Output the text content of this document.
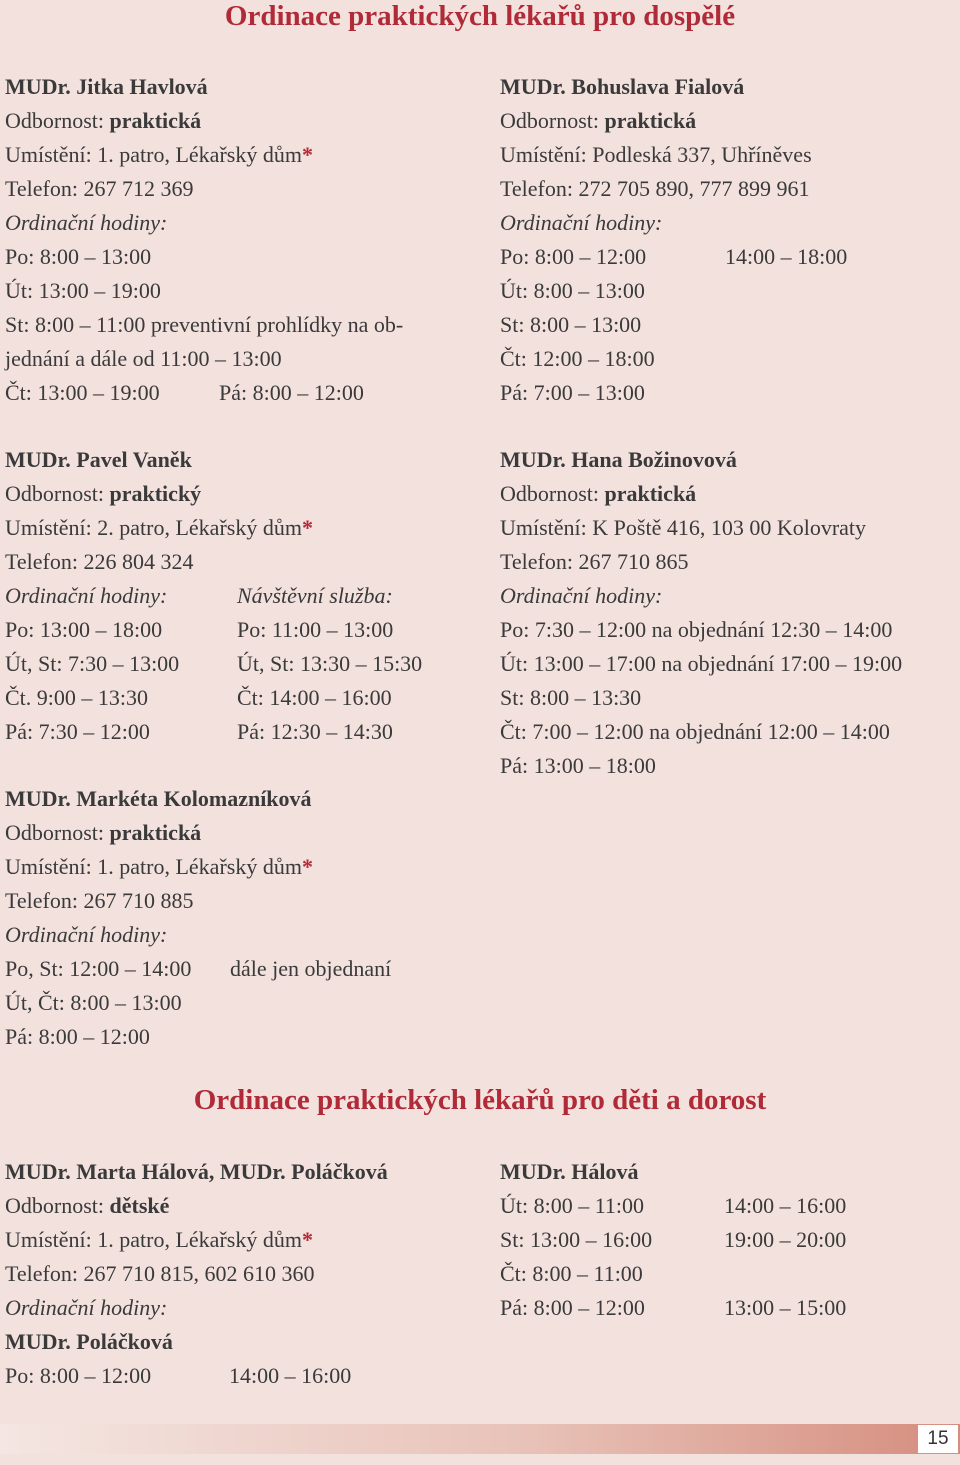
Ordinace praktických lékařů pro dospělé
MUDr. Jitka Havlová
Odbornost: praktická
Umístění: 1. patro, Lékařský dům*
Telefon: 267 712 369
Ordinační hodiny:
Po: 8:00 – 13:00
Út: 13:00 – 19:00
St: 8:00 – 11:00 preventivní prohlídky na ob-
jednání a dále od 11:00 – 13:00
Čt: 13:00 – 19:00	Pá: 8:00 – 12:00
MUDr. Bohuslava Fialová
Odbornost: praktická
Umístění: Podleská 337, Uhříněves
Telefon: 272 705 890, 777 899 961
Ordinační hodiny:
Po: 8:00 – 12:00	14:00 – 18:00
Út: 8:00 – 13:00
St: 8:00 – 13:00
Čt: 12:00 – 18:00
Pá: 7:00 – 13:00
MUDr. Pavel Vaněk
Odbornost: praktický
Umístění: 2. patro, Lékařský dům*
Telefon: 226 804 324
Ordinační hodiny:	Návštěvní služba:
Po: 13:00 – 18:00	Po: 11:00 – 13:00
Út, St: 7:30 – 13:00	Út, St: 13:30 – 15:30
Čt. 9:00 – 13:30	Čt: 14:00 – 16:00
Pá: 7:30 – 12:00	Pá: 12:30 – 14:30
MUDr. Hana Božinovová
Odbornost: praktická
Umístění: K Poště 416, 103 00 Kolovraty
Telefon: 267 710 865
Ordinační hodiny:
Po: 7:30 – 12:00 na objednání 12:30 – 14:00
Út: 13:00 – 17:00 na objednání 17:00 – 19:00
St: 8:00 – 13:30
Čt: 7:00 – 12:00 na objednání 12:00 – 14:00
Pá: 13:00 – 18:00
MUDr. Markéta Kolomazníková
Odbornost: praktická
Umístění: 1. patro, Lékařský dům*
Telefon: 267 710 885
Ordinační hodiny:
Po, St: 12:00 – 14:00 dále jen objednaní
Út, Čt: 8:00 – 13:00
Pá: 8:00 – 12:00
Ordinace praktických lékařů pro děti a dorost
MUDr. Marta Hálová, MUDr. Poláčková
Odbornost: dětské
Umístění: 1. patro, Lékařský dům*
Telefon: 267 710 815, 602 610 360
Ordinační hodiny:
MUDr. Poláčková
Po: 8:00 – 12:00	14:00 – 16:00
MUDr. Hálová
Út: 8:00 – 11:00	14:00 – 16:00
St: 13:00 – 16:00	19:00 – 20:00
Čt: 8:00 – 11:00
Pá: 8:00 – 12:00	13:00 – 15:00
15
